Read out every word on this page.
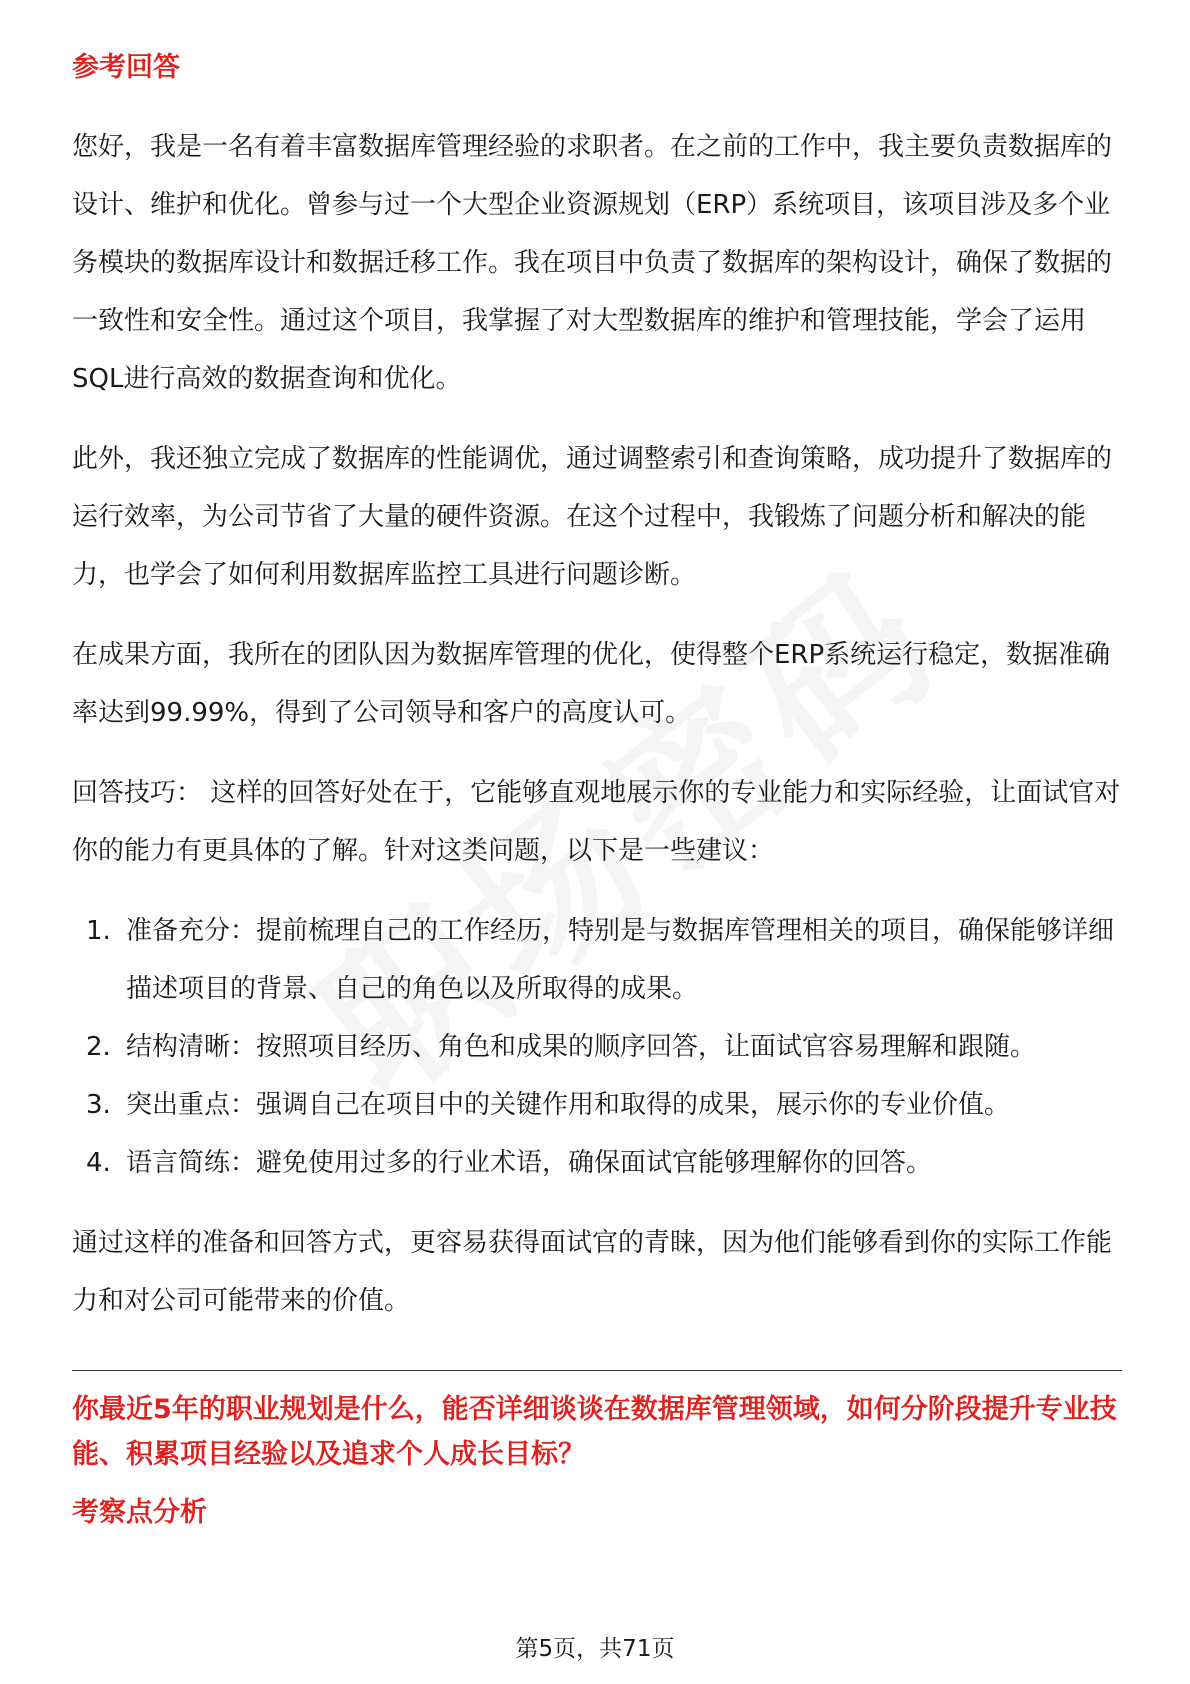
参考回答

您好，我是一名有着丰富数据库管理经验的求职者。在之前的工作中，我主要负责数据库的设计、维护和优化。曾参与过一个大型企业资源规划（ERP）系统项目，该项目涉及多个业务模块的数据库设计和数据迁移工作。我在项目中负责了数据库的架构设计，确保了数据的一致性和安全性。通过这个项目，我掌握了对大型数据库的维护和管理技能，学会了运用SQL进行高效的数据查询和优化。

此外，我还独立完成了数据库的性能调优，通过调整索引和查询策略，成功提升了数据库的运行效率，为公司节省了大量的硬件资源。在这个过程中，我锻炼了问题分析和解决的能力，也学会了如何利用数据库监控工具进行问题诊断。

在成果方面，我所在的团队因为数据库管理的优化，使得整个ERP系统运行稳定，数据准确率达到99.99%，得到了公司领导和客户的高度认可。

回答技巧： 这样的回答好处在于，它能够直观地展示你的专业能力和实际经验，让面试官对你的能力有更具体的了解。针对这类问题，以下是一些建议：

1. 准备充分：提前梳理自己的工作经历，特别是与数据库管理相关的项目，确保能够详细描述项目的背景、自己的角色以及所取得的成果。
2. 结构清晰：按照项目经历、角色和成果的顺序回答，让面试官容易理解和跟随。
3. 突出重点：强调自己在项目中的关键作用和取得的成果，展示你的专业价值。
4. 语言简练：避免使用过多的行业术语，确保面试官能够理解你的回答。

通过这样的准备和回答方式，更容易获得面试官的青睐，因为他们能够看到你的实际工作能力和对公司可能带来的价值。

你最近5年的职业规划是什么，能否详细谈谈在数据库管理领域，如何分阶段提升专业技能、积累项目经验以及追求个人成长目标？
考察点分析
第5页，共71页
